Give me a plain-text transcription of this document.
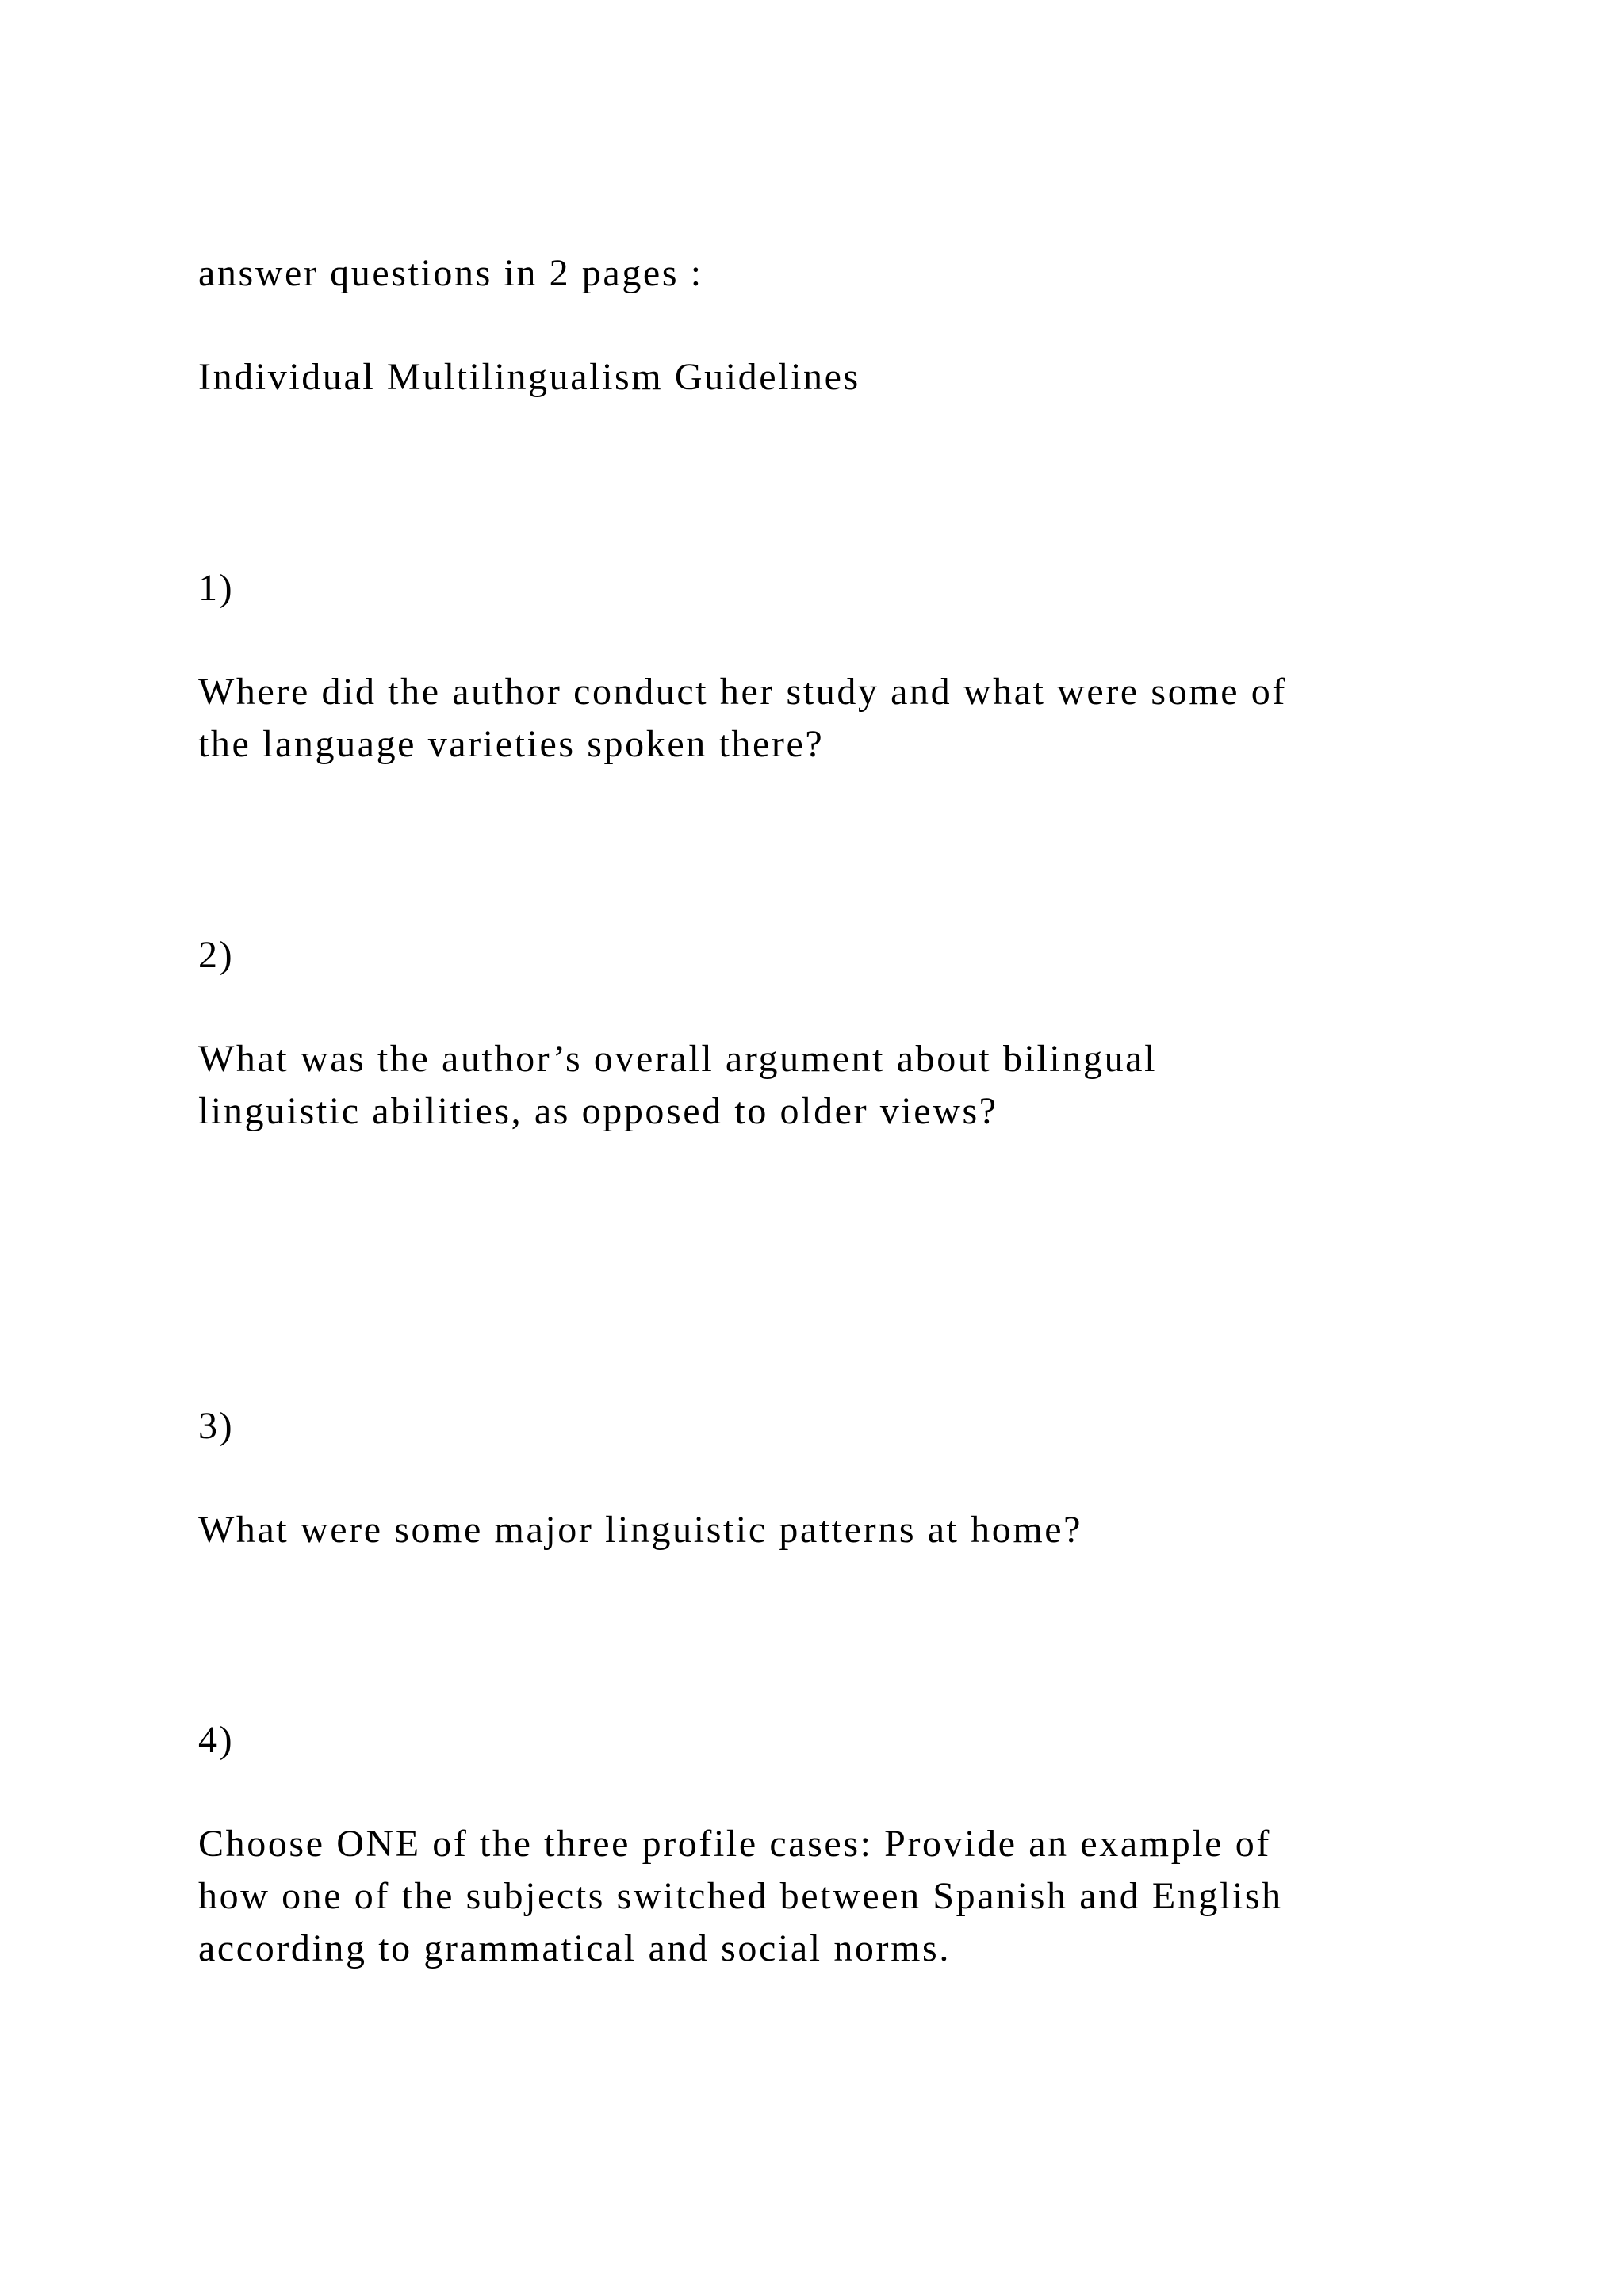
answer questions in 2 pages :

Individual Multilingualism Guidelines

1)

Where did the author conduct her study and what were some of

the language varieties spoken there?

2)

What was the author’s overall argument about bilingual

linguistic abilities, as opposed to older views?

3)

What were some major linguistic patterns at home?

4)

Choose ONE of the three profile cases: Provide an example of

how one of the subjects switched between Spanish and English

according to grammatical and social norms.
